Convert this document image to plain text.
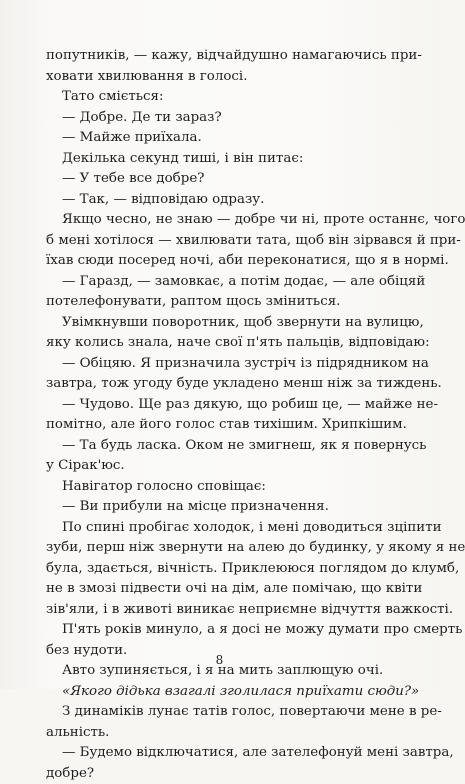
попутників, — кажу, відчайдушно намагаючись при-
ховати хвилювання в голосі.
Тато сміється:
— Добре. Де ти зараз?
— Майже приїхала.
Декілька секунд тиші, і він питає:
— У тебе все добре?
— Так, — відповідаю одразу.
Якщо чесно, не знаю — добре чи ні, проте останнє, чого
б мені хотілося — хвилювати тата, щоб він зірвався й при-
їхав сюди посеред ночі, аби переконатися, що я в нормі.
— Гаразд, — замовкає, а потім додає, — але обіцяй
потелефонувати, раптом щось зміниться.
Увімкнувши поворотник, щоб звернути на вулицю,
яку колись знала, наче свої п'ять пальців, відповідаю:
— Обіцяю. Я призначила зустріч із підрядником на
завтра, тож угоду буде укладено менш ніж за тиждень.
— Чудово. Ще раз дякую, що робиш це, — майже не-
помітно, але його голос став тихішим. Хрипкішим.
— Та будь ласка. Оком не змигнеш, як я повернусь
у Сірак'юс.
Навігатор голосно сповіщає:
— Ви прибули на місце призначення.
По спині пробігає холодок, і мені доводиться зціпити
зуби, перш ніж звернути на алею до будинку, у якому я не
була, здається, вічність. Приклеююся поглядом до клумб,
не в змозі підвести очі на дім, але помічаю, що квіти
зів'яли, і в животі виникає неприємне відчуття важкості.
П'ять років минуло, а я досі не можу думати про смерть
без нудоти.
Авто зупиняється, і я на мить заплющую очі.
«Якого дідька взагалі зголилася приїхати сюди?»
З динаміків лунає татів голос, повертаючи мене в ре-
альність.
— Будемо відключатися, але зателефонуй мені завтра,
добре?
8
